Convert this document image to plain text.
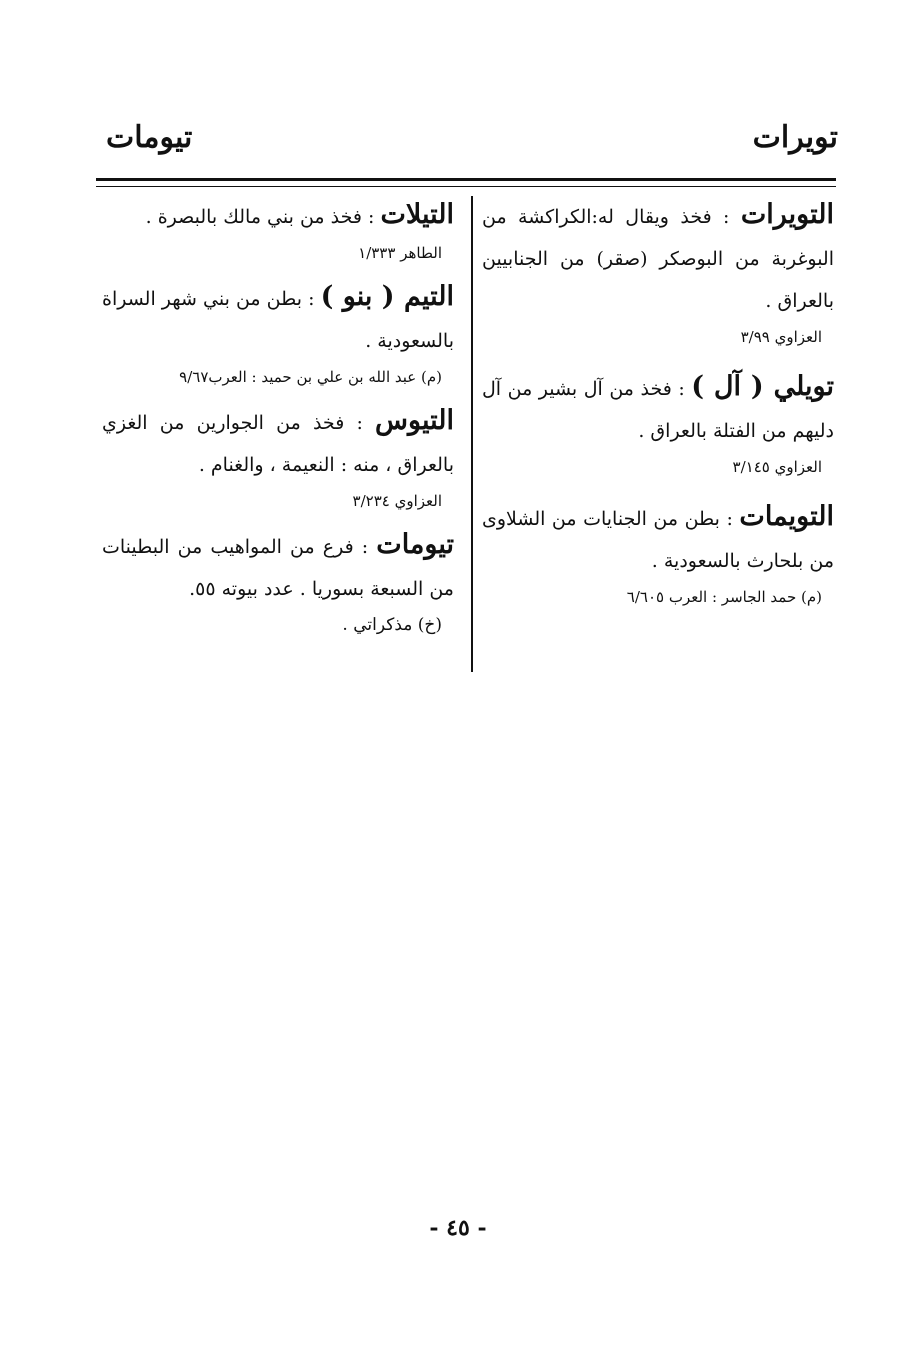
تويرات
تيومات

التويرات : فخذ ويقال له:الكراكشة من البوغربة من البوصكر (صقر) من الجنابيين بالعراق .

العزاوي ٣/٩٩

تويلي ( آل ) : فخذ من آل بشير من آل دليهم من الفتلة بالعراق .

العزاوي ٣/١٤٥

التويمات : بطن من الجنايات من الشلاوى من بلحارث بالسعودية .

(م) حمد الجاسر : العرب ٦/٦٠٥

التيلات : فخذ من بني مالك بالبصرة .

الطاهر ١/٣٣٣

التيم ( بنو ) : بطن من بني شهر السراة بالسعودية .

(م) عبد الله بن علي بن حميد : العرب٩/٦٧

التيوس : فخذ من الجوارين من الغزي بالعراق ، منه : النعيمة ، والغنام .

العزاوي ٣/٢٣٤

تيومات : فرع من المواهيب من البطينات من السبعة بسوريا . عدد بيوته ٥٥.

(خ) مذكراتي .

- ٤٥ -
